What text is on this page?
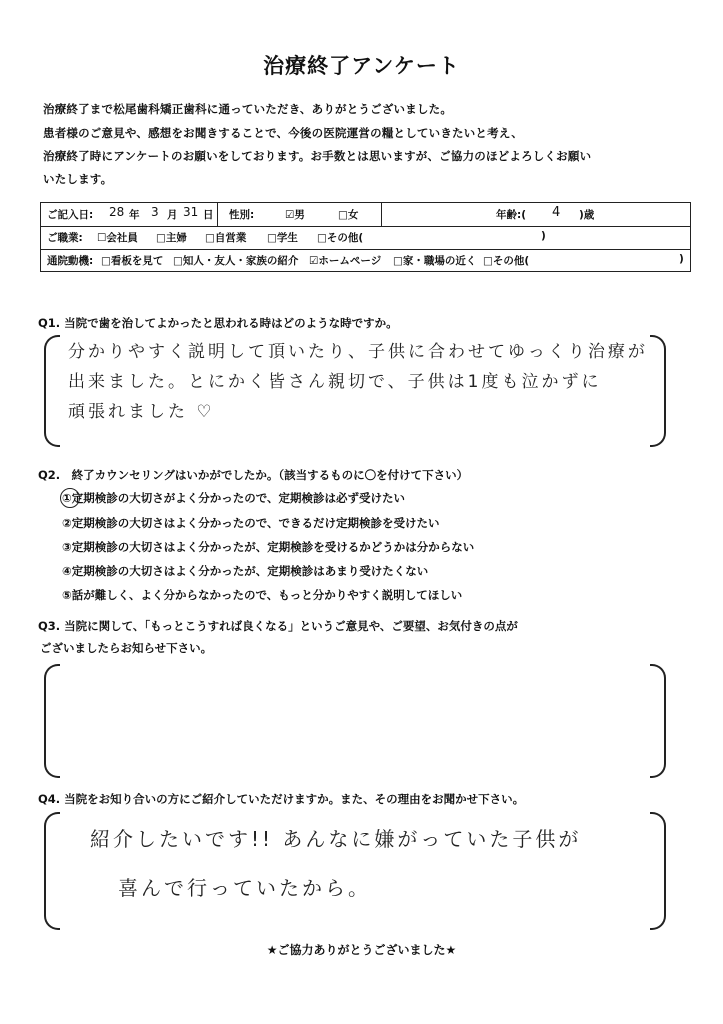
治療終了アンケート
治療終了まで松尾歯科矯正歯科に通っていただき、ありがとうございました。
患者様のご意見や、感想をお聞きすることで、今後の医院運営の糧としていきたいと考え、
治療終了時にアンケートのお願いをしております。お手数とは思いますが、ご協力のほどよろしくお願い
いたします。
ご記入日: 28 年 3 月 31 日 性別:	☑男	□女	年齢:( 4 )歳
ご職業: ☐会社員 □主婦 □自営業 □学生 □その他(	)
通院動機: □看板を見て □知人・友人・家族の紹介 ☑ホームページ □家・職場の近く □その他(	)
Q1. 当院で歯を治してよかったと思われる時はどのような時ですか。
分かりやすく説明して頂いたり、子供に合わせてゆっくり治療が
出来ました。とにかく皆さん親切で、子供は1度も泣かずに
頑張れました ♡
Q2.　終了カウンセリングはいかがでしたか。（該当するものに〇を付けて下さい）
①定期検診の大切さがよく分かったので、定期検診は必ず受けたい
②定期検診の大切さはよく分かったので、できるだけ定期検診を受けたい
③定期検診の大切さはよく分かったが、定期検診を受けるかどうかは分からない
④定期検診の大切さはよく分かったが、定期検診はあまり受けたくない
⑤話が難しく、よく分からなかったので、もっと分かりやすく説明してほしい
Q3. 当院に関して、「もっとこうすれば良くなる」というご意見や、ご要望、お気付きの点が
ございましたらお知らせ下さい。
Q4. 当院をお知り合いの方にご紹介していただけますか。また、その理由をお聞かせ下さい。
紹介したいです!! あんなに嫌がっていた子供が
喜んで行っていたから。
★ご協力ありがとうございました★
